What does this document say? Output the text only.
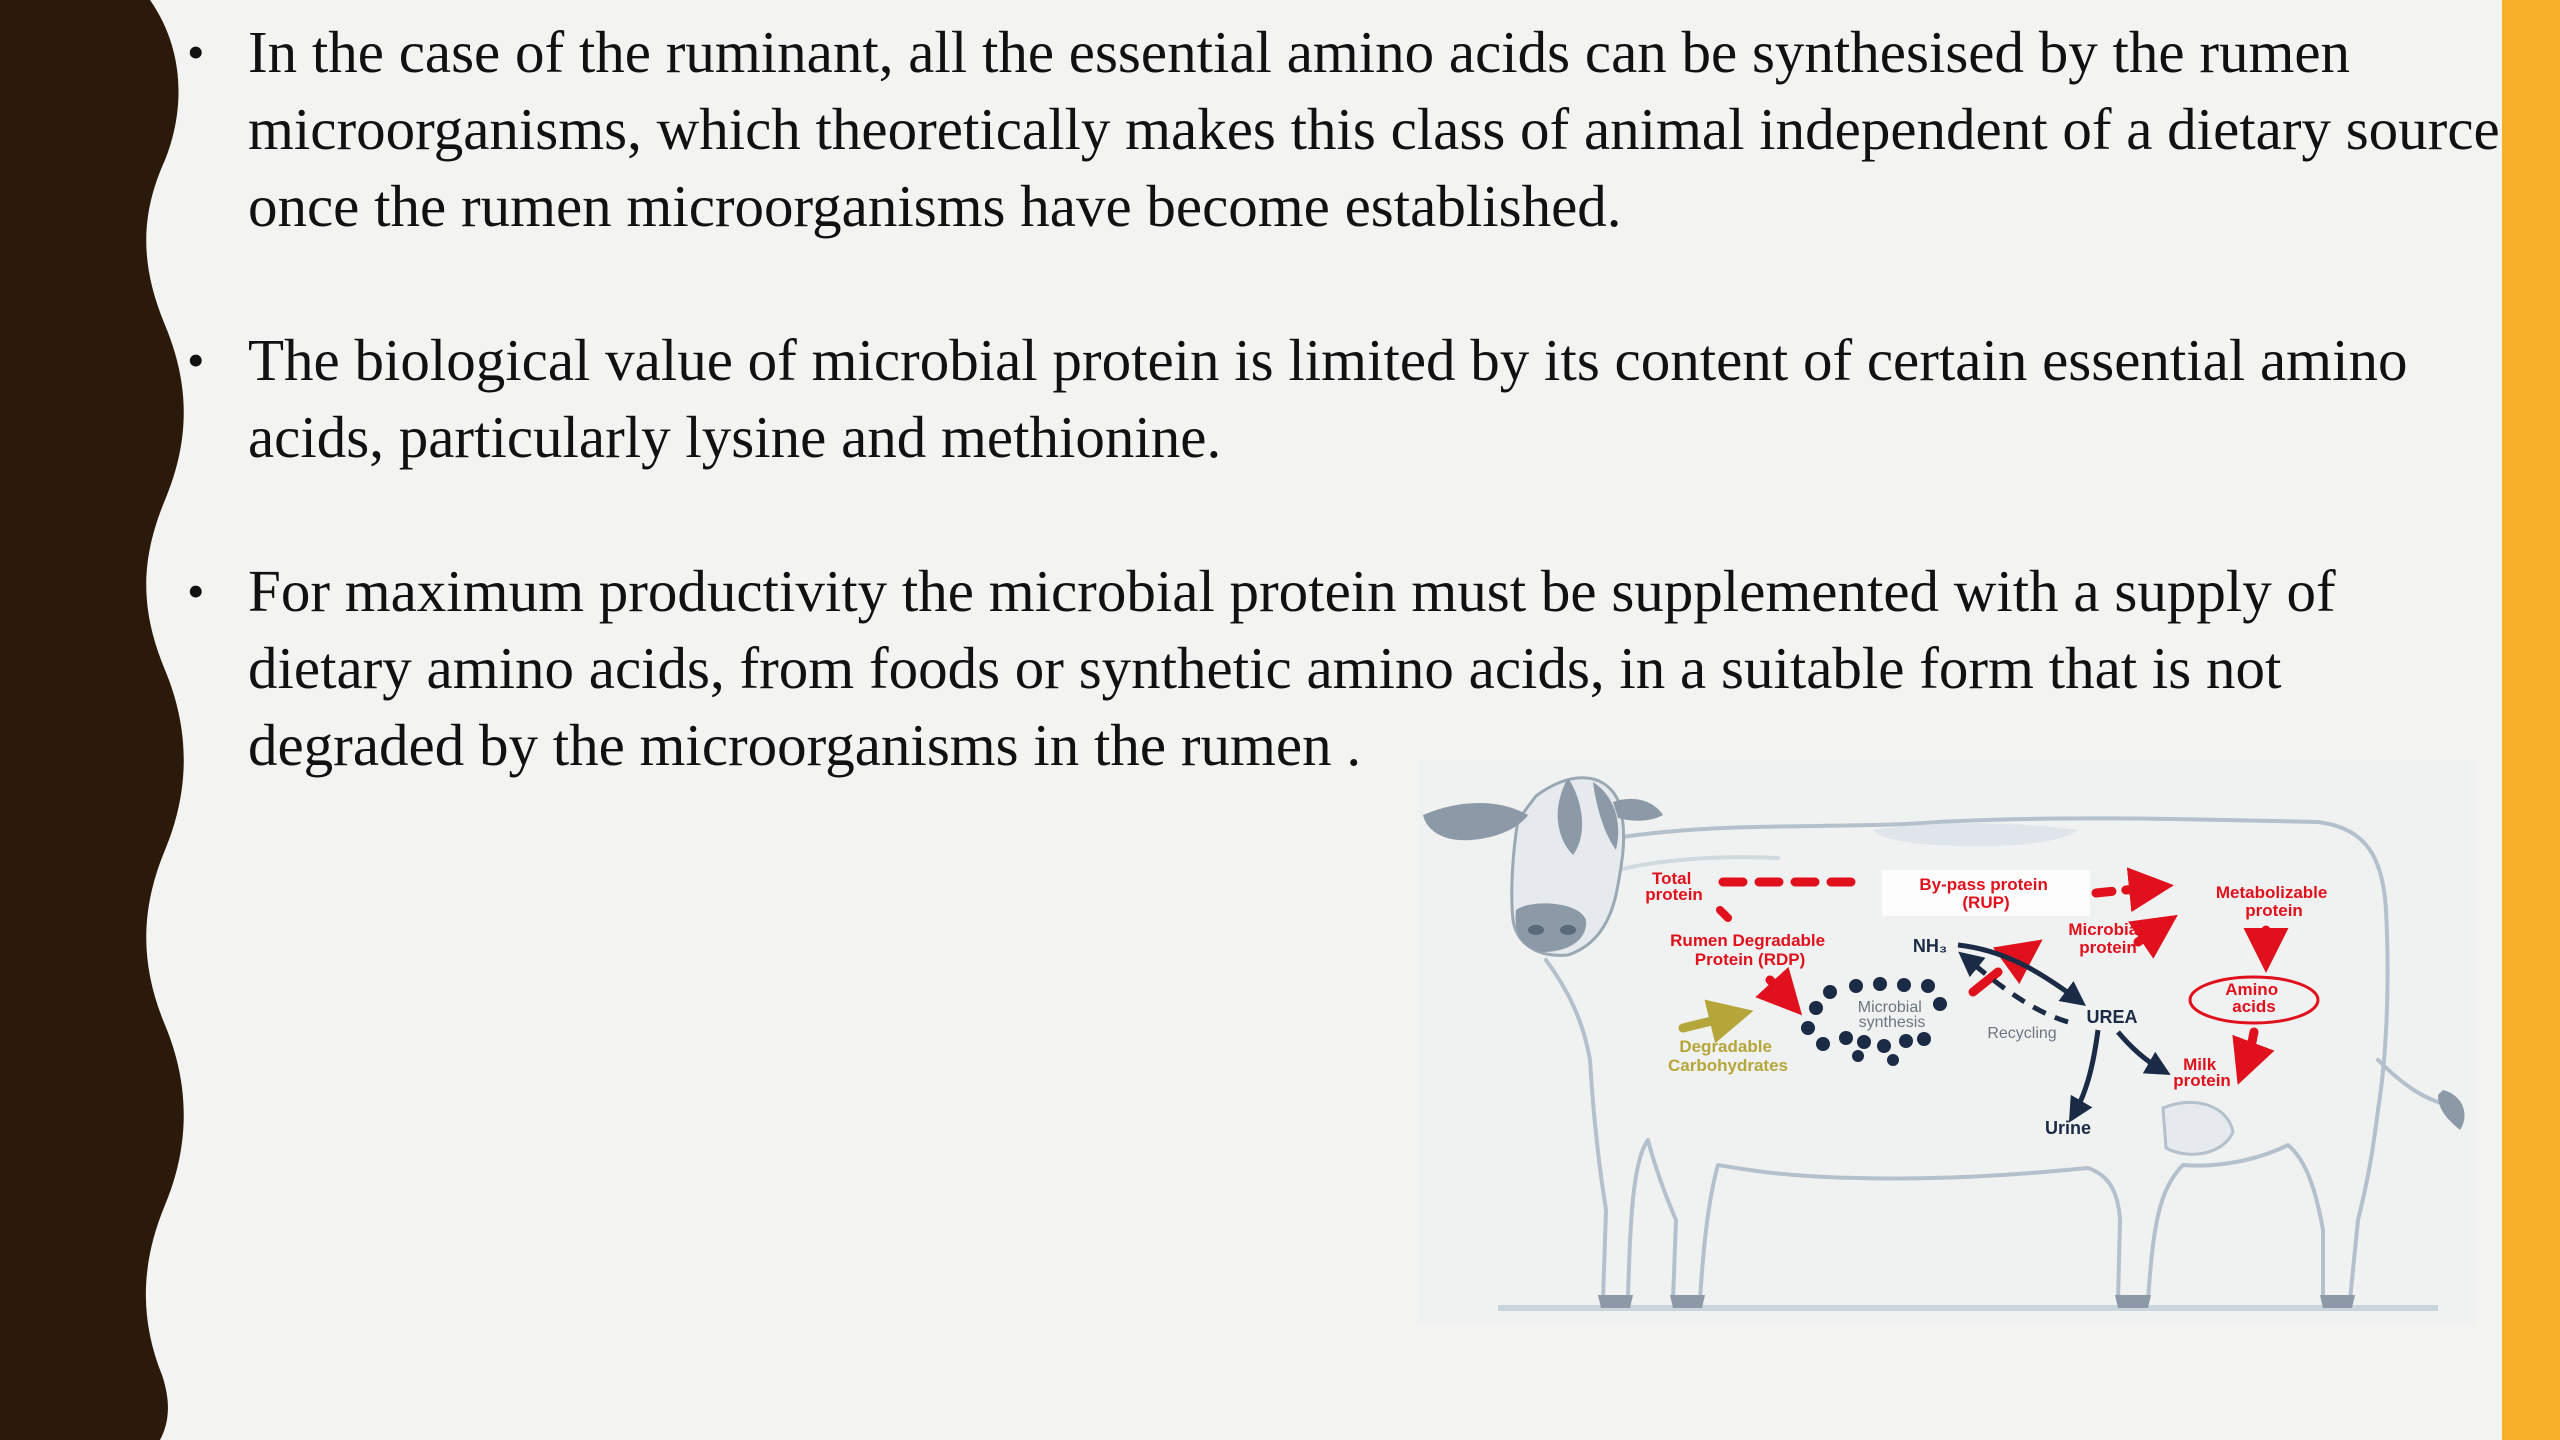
• In the case of the ruminant, all the essential amino acids can be synthesised by the rumen microorganisms, which theoretically makes this class of animal independent of a dietary source once the rumen microorganisms have become established.
• The biological value of microbial protein is limited by its content of certain essential amino acids, particularly lysine and methionine.
• For maximum productivity the microbial protein must be supplemented with a supply of dietary amino acids, from foods or synthetic amino acids, in a suitable form that is not degraded by the microorganisms in the rumen .
Total protein
By-pass protein (RUP)
Metabolizable protein
Rumen Degradable Protein (RDP)
NH₃
Microbial protein
Amino acids
Microbial synthesis	UREA
Recycling
Degradable Carbohydrates	Milk protein
Urine
